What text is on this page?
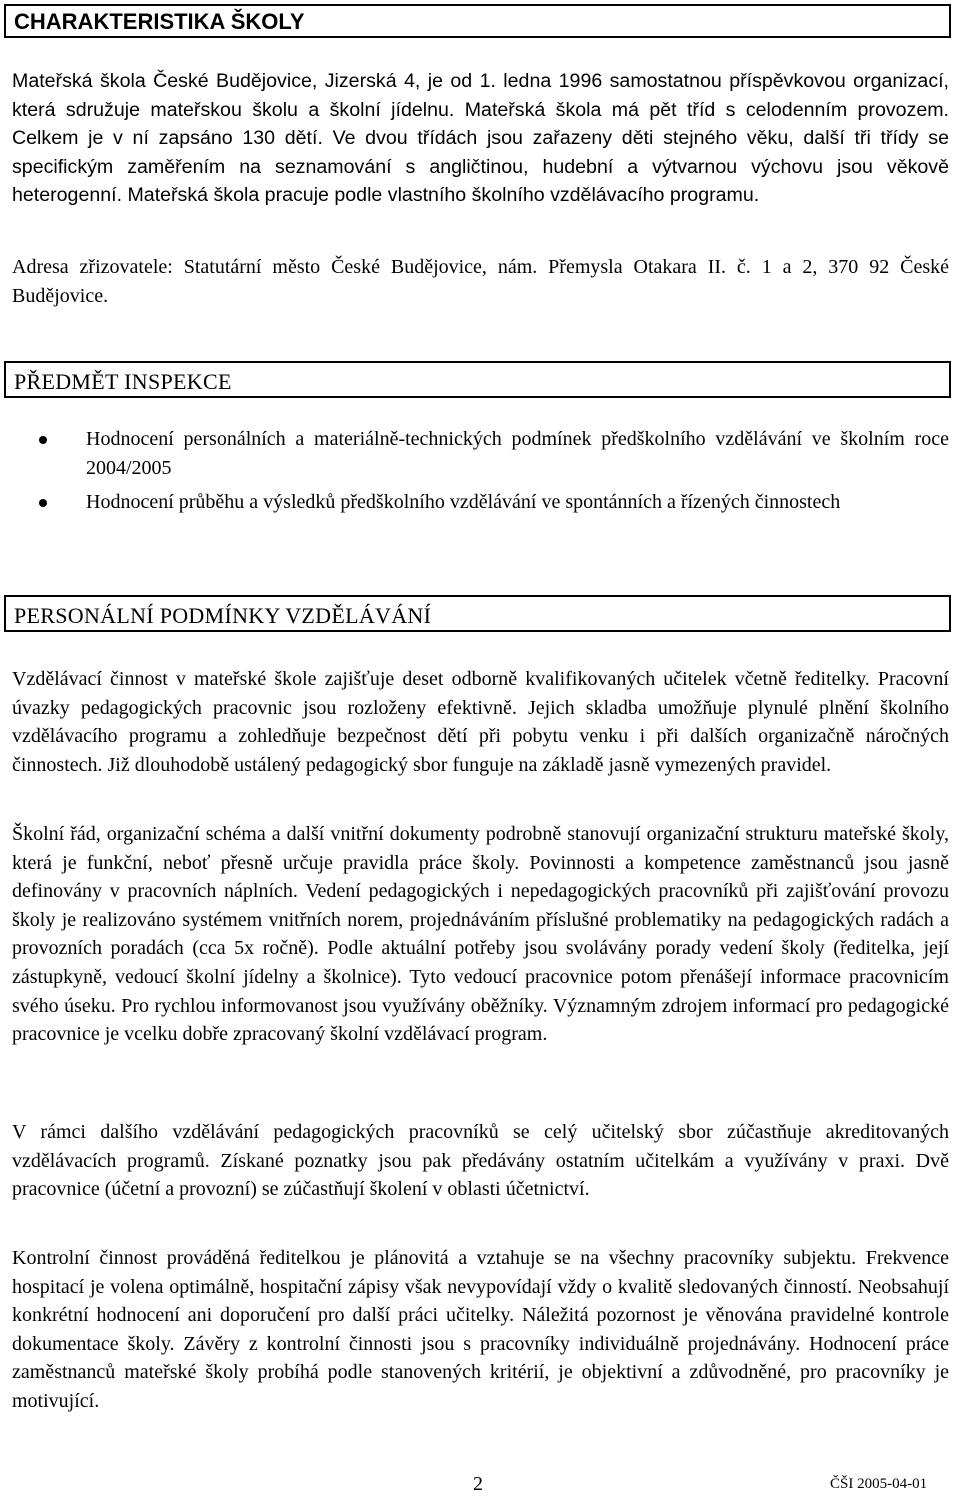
CHARAKTERISTIKA ŠKOLY

Mateřská škola České Budějovice, Jizerská 4, je od 1. ledna 1996 samostatnou příspěvkovou organizací, která sdružuje mateřskou školu a školní jídelnu. Mateřská škola má pět tříd s celodenním provozem. Celkem je v ní zapsáno 130 dětí. Ve dvou třídách jsou zařazeny děti stejného věku, další tři třídy se specifickým zaměřením na seznamování s angličtinou, hudební a výtvarnou výchovu jsou věkově heterogenní. Mateřská škola pracuje podle vlastního školního vzdělávacího programu.

Adresa zřizovatele: Statutární město České Budějovice, nám. Přemysla Otakara II. č. 1 a 2, 370 92 České Budějovice.

PŘEDMĚT INSPEKCE
Hodnocení personálních a materiálně-technických podmínek předškolního vzdělávání ve školním roce 2004/2005
Hodnocení průběhu a výsledků předškolního vzdělávání ve spontánních a řízených činnostech
PERSONÁLNÍ PODMÍNKY VZDĚLÁVÁNÍ

Vzdělávací činnost v mateřské škole zajišťuje deset odborně kvalifikovaných učitelek včetně ředitelky. Pracovní úvazky pedagogických pracovnic jsou rozloženy efektivně. Jejich skladba umožňuje plynulé plnění školního vzdělávacího programu a zohledňuje bezpečnost dětí při pobytu venku i při dalších organizačně náročných činnostech. Již dlouhodobě ustálený pedagogický sbor funguje na základě jasně vymezených pravidel.

Školní řád, organizační schéma a další vnitřní dokumenty podrobně stanovují organizační strukturu mateřské školy, která je funkční, neboť přesně určuje pravidla práce školy. Povinnosti a kompetence zaměstnanců jsou jasně definovány v pracovních náplních. Vedení pedagogických i nepedagogických pracovníků při zajišťování provozu školy je realizováno systémem vnitřních norem, projednáváním příslušné problematiky na pedagogických radách a provozních poradách (cca 5x ročně). Podle aktuální potřeby jsou svolávány porady vedení školy (ředitelka, její zástupkyně, vedoucí školní jídelny a školnice). Tyto vedoucí pracovnice potom přenášejí informace pracovnicím svého úseku. Pro rychlou informovanost jsou využívány oběžníky. Významným zdrojem informací pro pedagogické pracovnice je vcelku dobře zpracovaný školní vzdělávací program.

V rámci dalšího vzdělávání pedagogických pracovníků se celý učitelský sbor zúčastňuje akreditovaných vzdělávacích programů. Získané poznatky jsou pak předávány ostatním učitelkám a využívány v praxi. Dvě pracovnice (účetní a provozní) se zúčastňují školení v oblasti účetnictví.

Kontrolní činnost prováděná ředitelkou je plánovitá a vztahuje se na všechny pracovníky subjektu. Frekvence hospitací je volena optimálně, hospitační zápisy však nevypovídají vždy o kvalitě sledovaných činností. Neobsahují konkrétní hodnocení ani doporučení pro další práci učitelky. Náležitá pozornost je věnována pravidelné kontrole dokumentace školy. Závěry z kontrolní činnosti jsou s pracovníky individuálně projednávány. Hodnocení práce zaměstnanců mateřské školy probíhá podle stanovených kritérií, je objektivní a zdůvodněné, pro pracovníky je motivující.

2	ČŠI 2005-04-01
